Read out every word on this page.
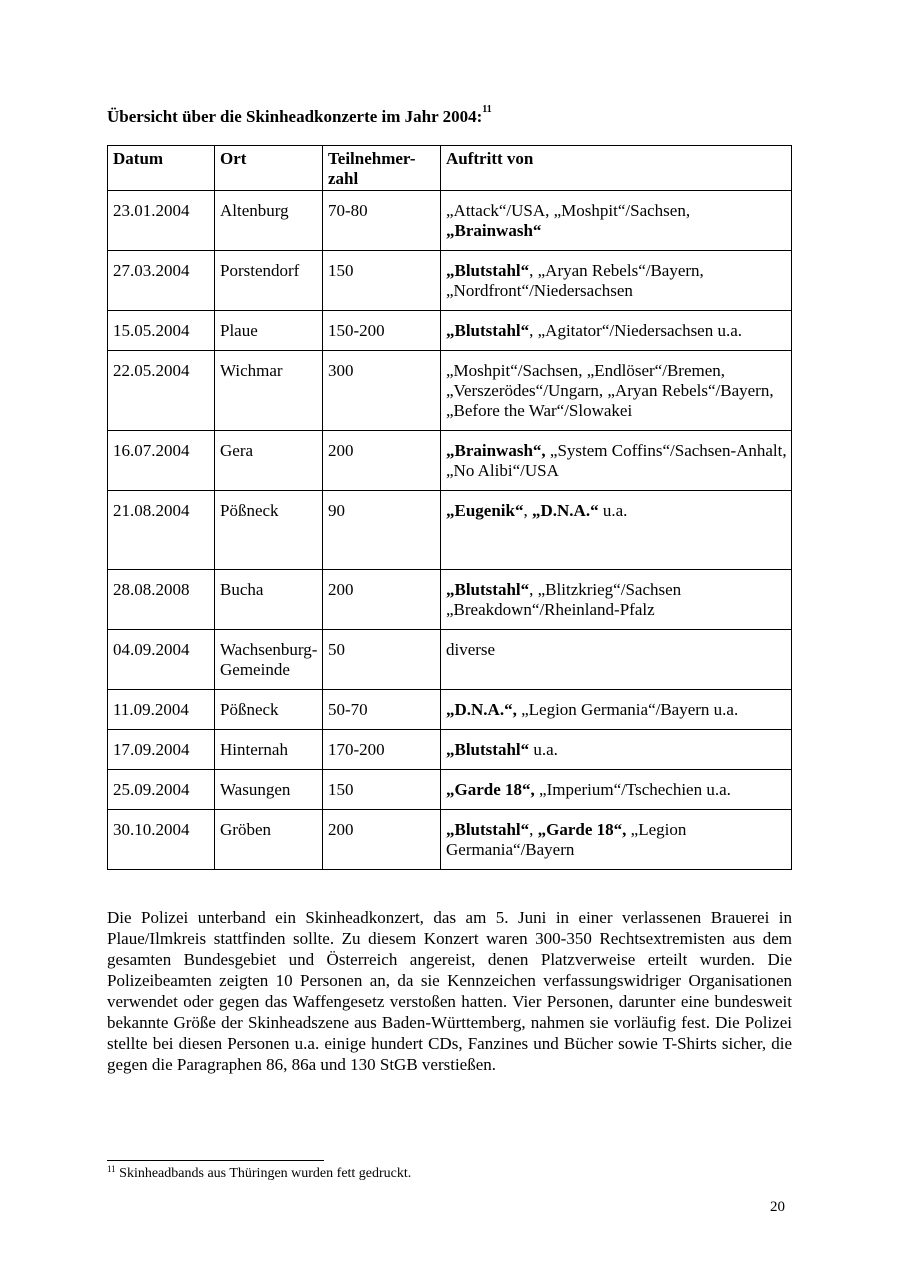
Übersicht über die Skinheadkonzerte im Jahr 2004:$^{11}$
Datum	Ort	Teilnehmer-zahl	Auftritt von
23.01.2004	Altenburg	70-80	„Attack“/USA, „Moshpit“/Sachsen, „Brainwash“
27.03.2004	Porstendorf	150	„Blutstahl“, „Aryan Rebels“/Bayern, „Nordfront“/Niedersachsen
15.05.2004	Plaue	150-200	„Blutstahl“, „Agitator“/Niedersachsen u.a.
22.05.2004	Wichmar	300	„Moshpit“/Sachsen, „Endlöser“/Bremen, „Verszerödes“/Ungarn, „Aryan Rebels“/Bayern, „Before the War“/Slowakei
16.07.2004	Gera	200	„Brainwash“, „System Coffins“/Sachsen-Anhalt, „No Alibi“/USA
21.08.2004	Pößneck	90	„Eugenik“, „D.N.A.“ u.a.
28.08.2008	Bucha	200	„Blutstahl“, „Blitzkrieg“/Sachsen „Breakdown“/Rheinland-Pfalz
04.09.2004	Wachsenburg-Gemeinde	50	diverse
11.09.2004	Pößneck	50-70	„D.N.A.“, „Legion Germania“/Bayern u.a.
17.09.2004	Hinternah	170-200	„Blutstahl“ u.a.
25.09.2004	Wasungen	150	„Garde 18“, „Imperium“/Tschechien u.a.
30.10.2004	Gröben	200	„Blutstahl“, „Garde 18“, „Legion Germania“/Bayern
Die Polizei unterband ein Skinheadkonzert, das am 5. Juni in einer verlassenen Brauerei in Plaue/Ilmkreis stattfinden sollte. Zu diesem Konzert waren 300-350 Rechtsextremisten aus dem gesamten Bundesgebiet und Österreich angereist, denen Platzverweise erteilt wurden. Die Polizeibeamten zeigten 10 Personen an, da sie Kennzeichen verfassungswidriger Organisationen verwendet oder gegen das Waffengesetz verstoßen hatten. Vier Personen, darunter eine bundesweit bekannte Größe der Skinheadszene aus Baden-Württemberg, nahmen sie vorläufig fest. Die Polizei stellte bei diesen Personen u.a. einige hundert CDs, Fanzines und Bücher sowie T-Shirts sicher, die gegen die Paragraphen 86, 86a und 130 StGB verstießen.
$^{11}$ Skinheadbands aus Thüringen wurden fett gedruckt.
20
